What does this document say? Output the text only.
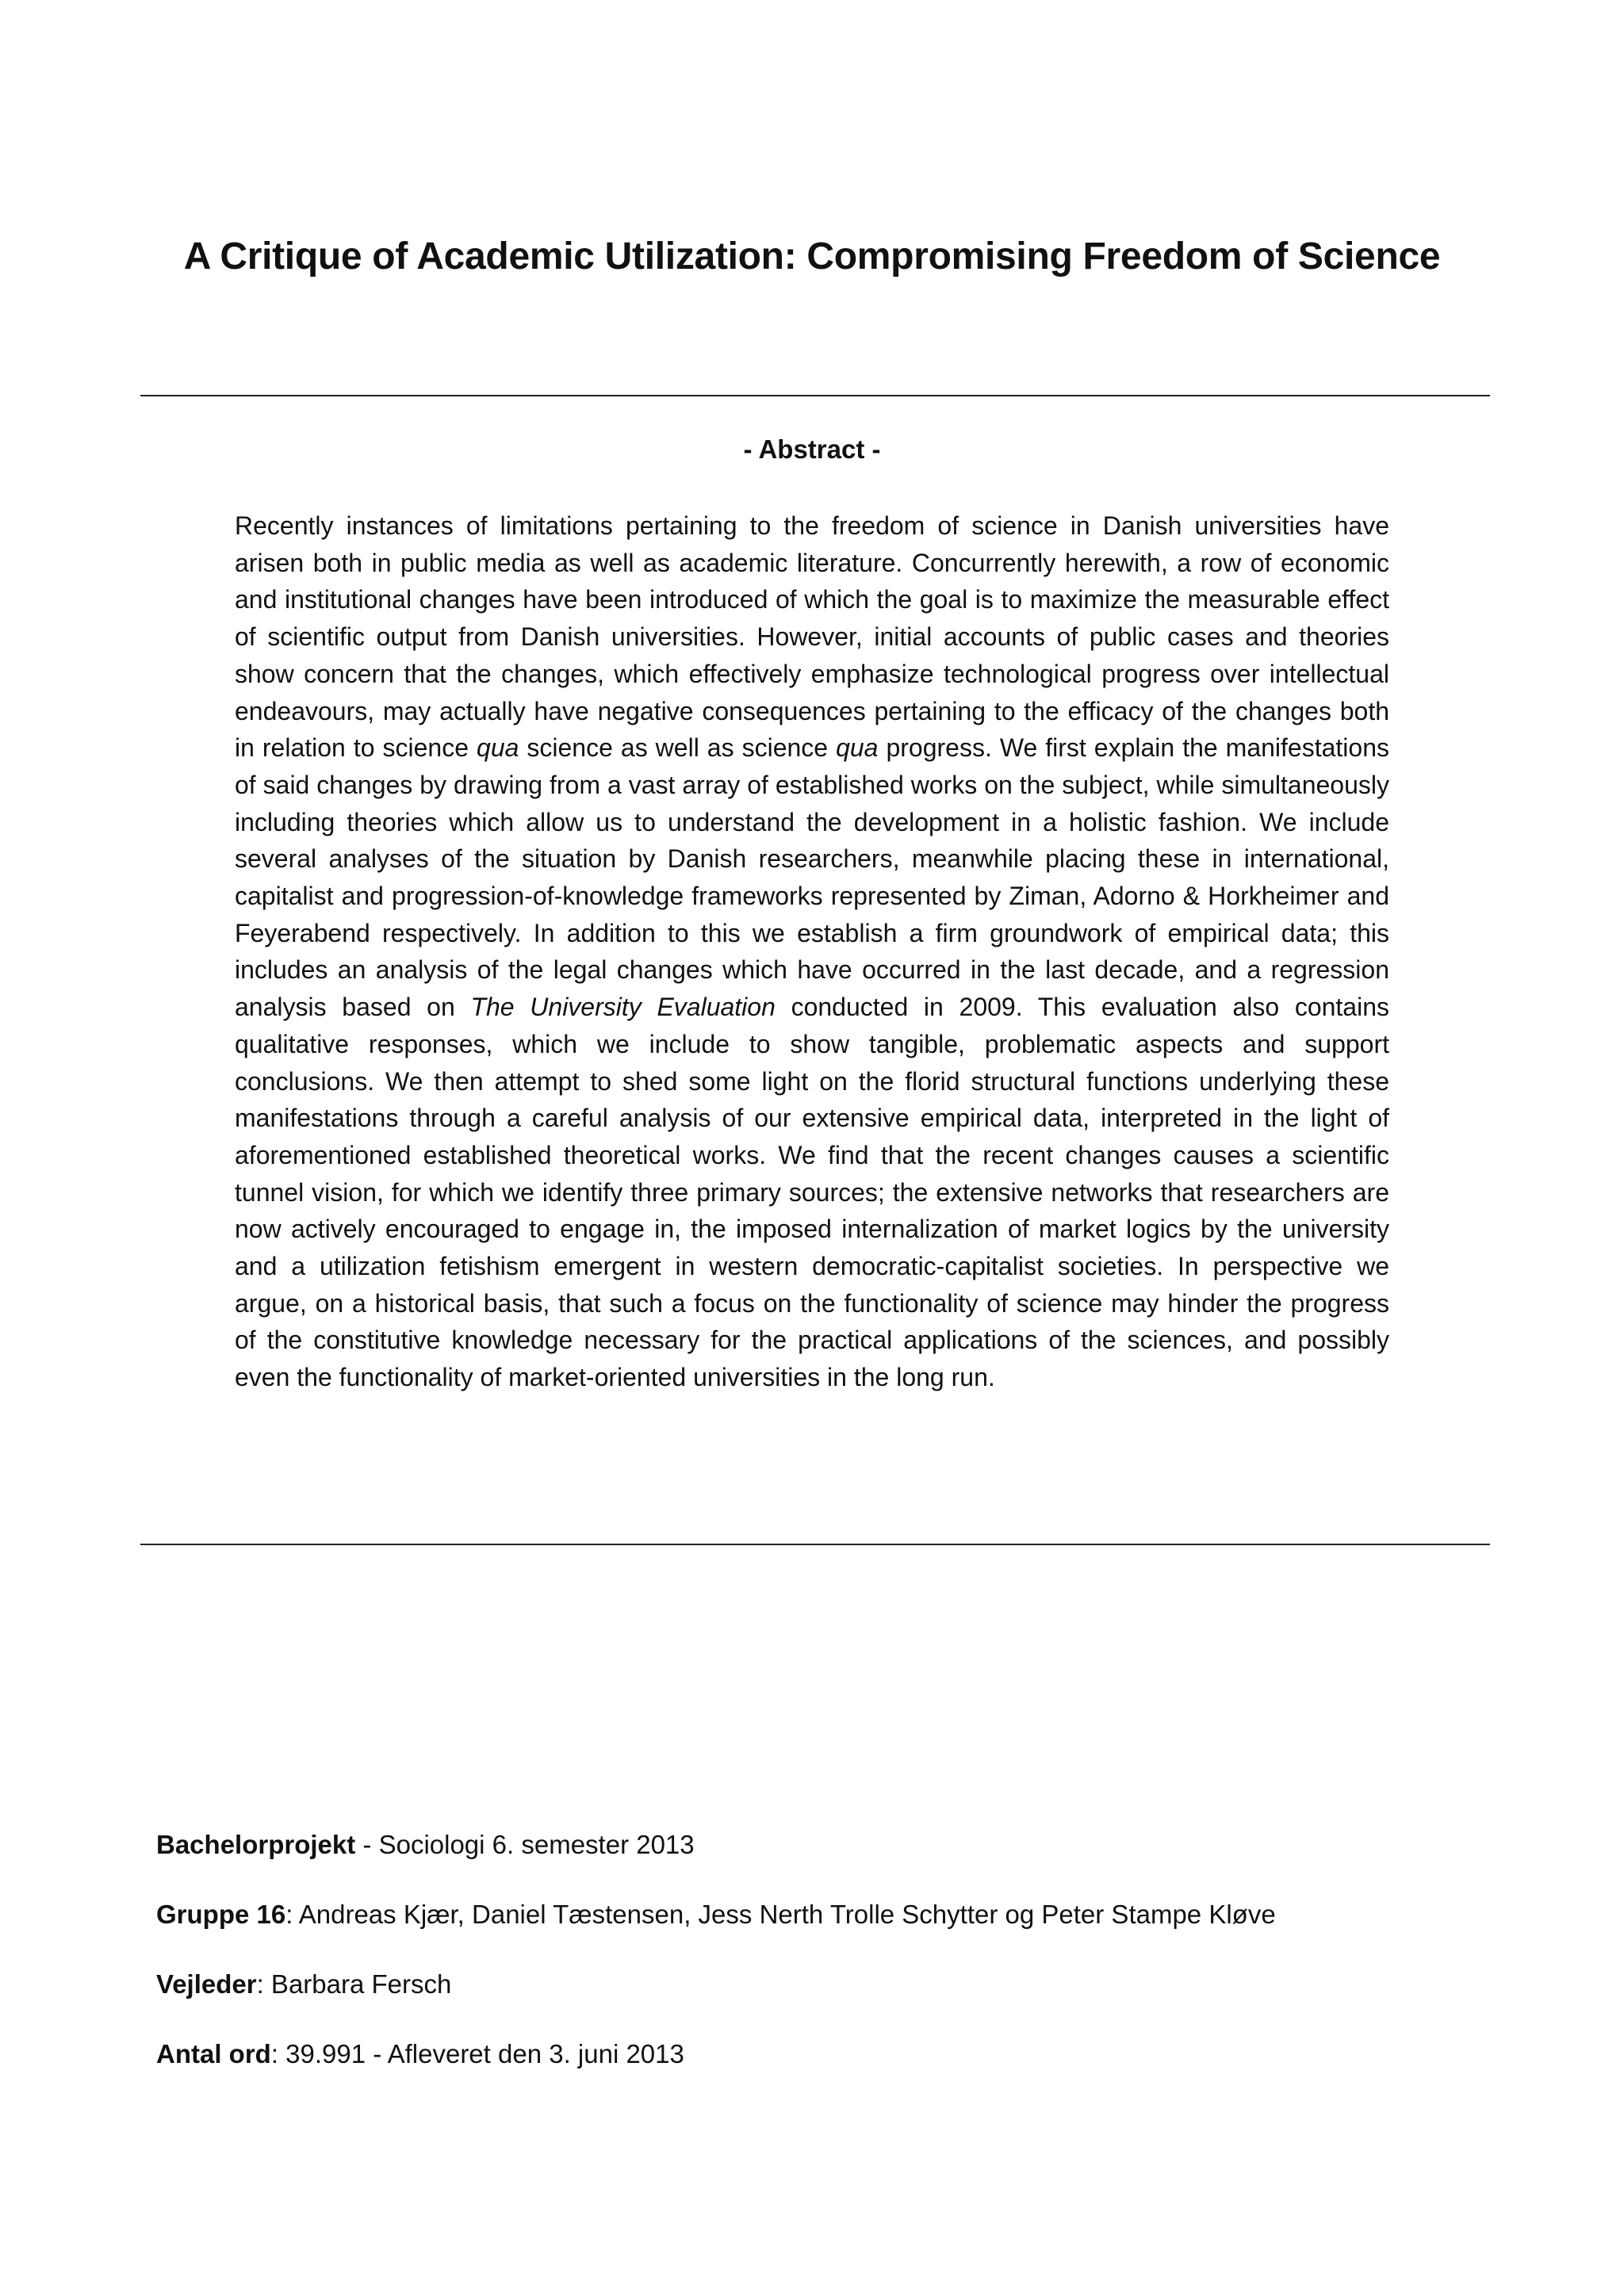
A Critique of Academic Utilization: Compromising Freedom of Science
- Abstract -
Recently instances of limitations pertaining to the freedom of science in Danish universities have arisen both in public media as well as academic literature. Concurrently herewith, a row of economic and institutional changes have been introduced of which the goal is to maximize the measurable effect of scientific output from Danish universities. However, initial accounts of public cases and theories show concern that the changes, which effectively emphasize technological progress over intellectual endeavours, may actually have negative consequences pertaining to the efficacy of the changes both in relation to science qua science as well as science qua progress. We first explain the manifestations of said changes by drawing from a vast array of established works on the subject, while simultaneously including theories which allow us to understand the development in a holistic fashion. We include several analyses of the situation by Danish researchers, meanwhile placing these in international, capitalist and progression-of-knowledge frameworks represented by Ziman, Adorno & Horkheimer and Feyerabend respectively. In addition to this we establish a firm groundwork of empirical data; this includes an analysis of the legal changes which have occurred in the last decade, and a regression analysis based on The University Evaluation conducted in 2009. This evaluation also contains qualitative responses, which we include to show tangible, problematic aspects and support conclusions. We then attempt to shed some light on the florid structural functions underlying these manifestations through a careful analysis of our extensive empirical data, interpreted in the light of aforementioned established theoretical works. We find that the recent changes causes a scientific tunnel vision, for which we identify three primary sources; the extensive networks that researchers are now actively encouraged to engage in, the imposed internalization of market logics by the university and a utilization fetishism emergent in western democratic-capitalist societies. In perspective we argue, on a historical basis, that such a focus on the functionality of science may hinder the progress of the constitutive knowledge necessary for the practical applications of the sciences, and possibly even the functionality of market-oriented universities in the long run.
Bachelorprojekt - Sociologi 6. semester 2013
Gruppe 16: Andreas Kjær, Daniel Tæstensen, Jess Nerth Trolle Schytter og Peter Stampe Kløve
Vejleder: Barbara Fersch
Antal ord: 39.991 - Afleveret den 3. juni 2013
